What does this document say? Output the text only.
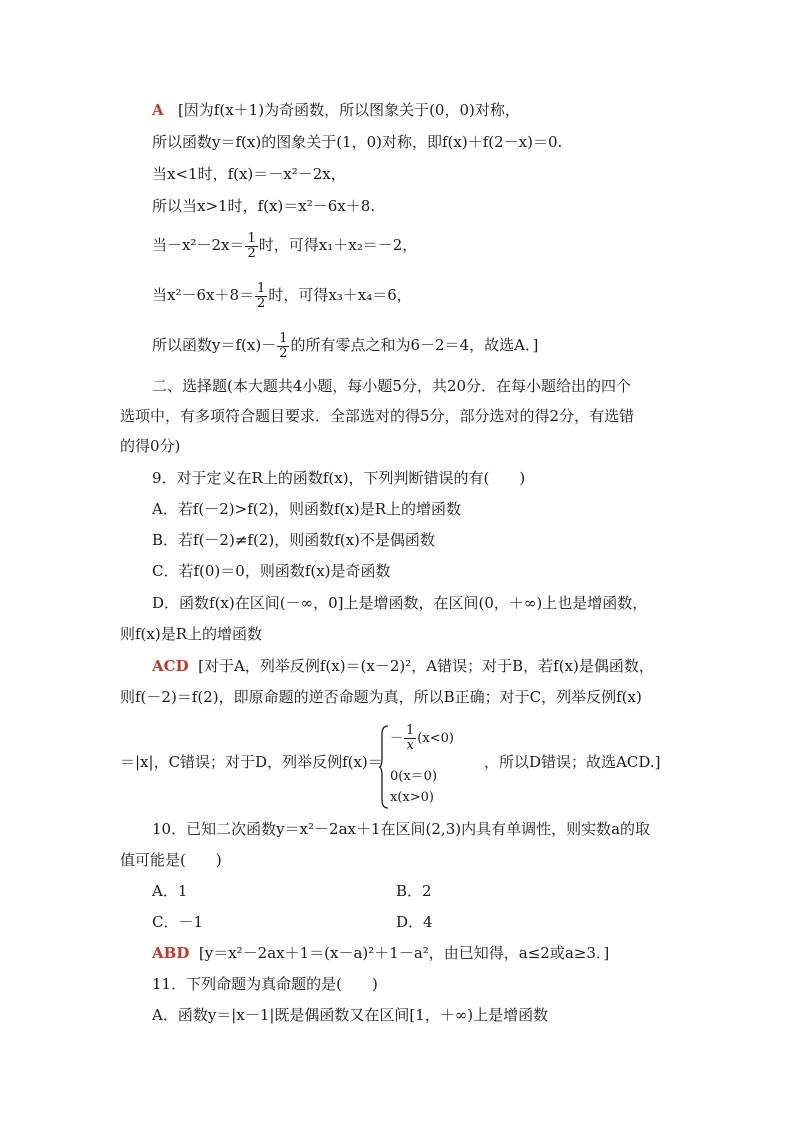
A [因为f(x＋1)为奇函数，所以图象关于(0，0)对称，
所以函数y＝f(x)的图象关于(1，0)对称，即f(x)＋f(2－x)＝0.
当x<1时，f(x)＝－x²－2x，
所以当x>1时，f(x)＝x²－6x＋8.
当$-x^2-2x= \frac{1}{2}$ 时，可得x₁＋x₂＝－2，
当$x^2-6x+8= \frac{1}{2}$ 时，可得x₃＋x₄＝6，
所以函数$y=f(x)- \frac{1}{2}$ 的所有零点之和为6－2＝4，故选A．]
二、选择题(本大题共4小题，每小题5分，共20分．在每小题给出的四个
选项中，有多项符合题目要求．全部选对的得5分，部分选对的得2分，有选错
的得0分)
9．对于定义在R上的函数f(x)，下列判断错误的有(　　)
A．若f(－2)>f(2)，则函数f(x)是R上的增函数
B．若f(－2)≠f(2)，则函数f(x)不是偶函数
C．若f(0)＝0，则函数f(x)是奇函数
D．函数f(x)在区间(－∞，0]上是增函数，在区间(0，＋∞)上也是增函数，
则f(x)是R上的增函数
ACD [对于A，列举反例f(x)＝(x－2)²，A错误；对于B，若f(x)是偶函数，
则f(－2)＝f(2)，即原命题的逆否命题为真，所以B正确；对于C，列举反例f(x)
＝|x|，C错误；对于D，列举反例f(x)＝
－ $\frac{1}{x} (x<0)$
0(x＝0)
x(x>0)
，所以D错误；故选ACD.]
10．已知二次函数y＝x²－2ax＋1在区间(2,3)内具有单调性，则实数a的取
值可能是(　　)
A．1	B．2
C．－1	D．4
ABD [y＝x²－2ax＋1＝(x－a)²＋1－a²，由已知得，a≤2或a≥3．]
11．下列命题为真命题的是(　　)
A．函数y＝|x－1|既是偶函数又在区间[1，＋∞)上是增函数
